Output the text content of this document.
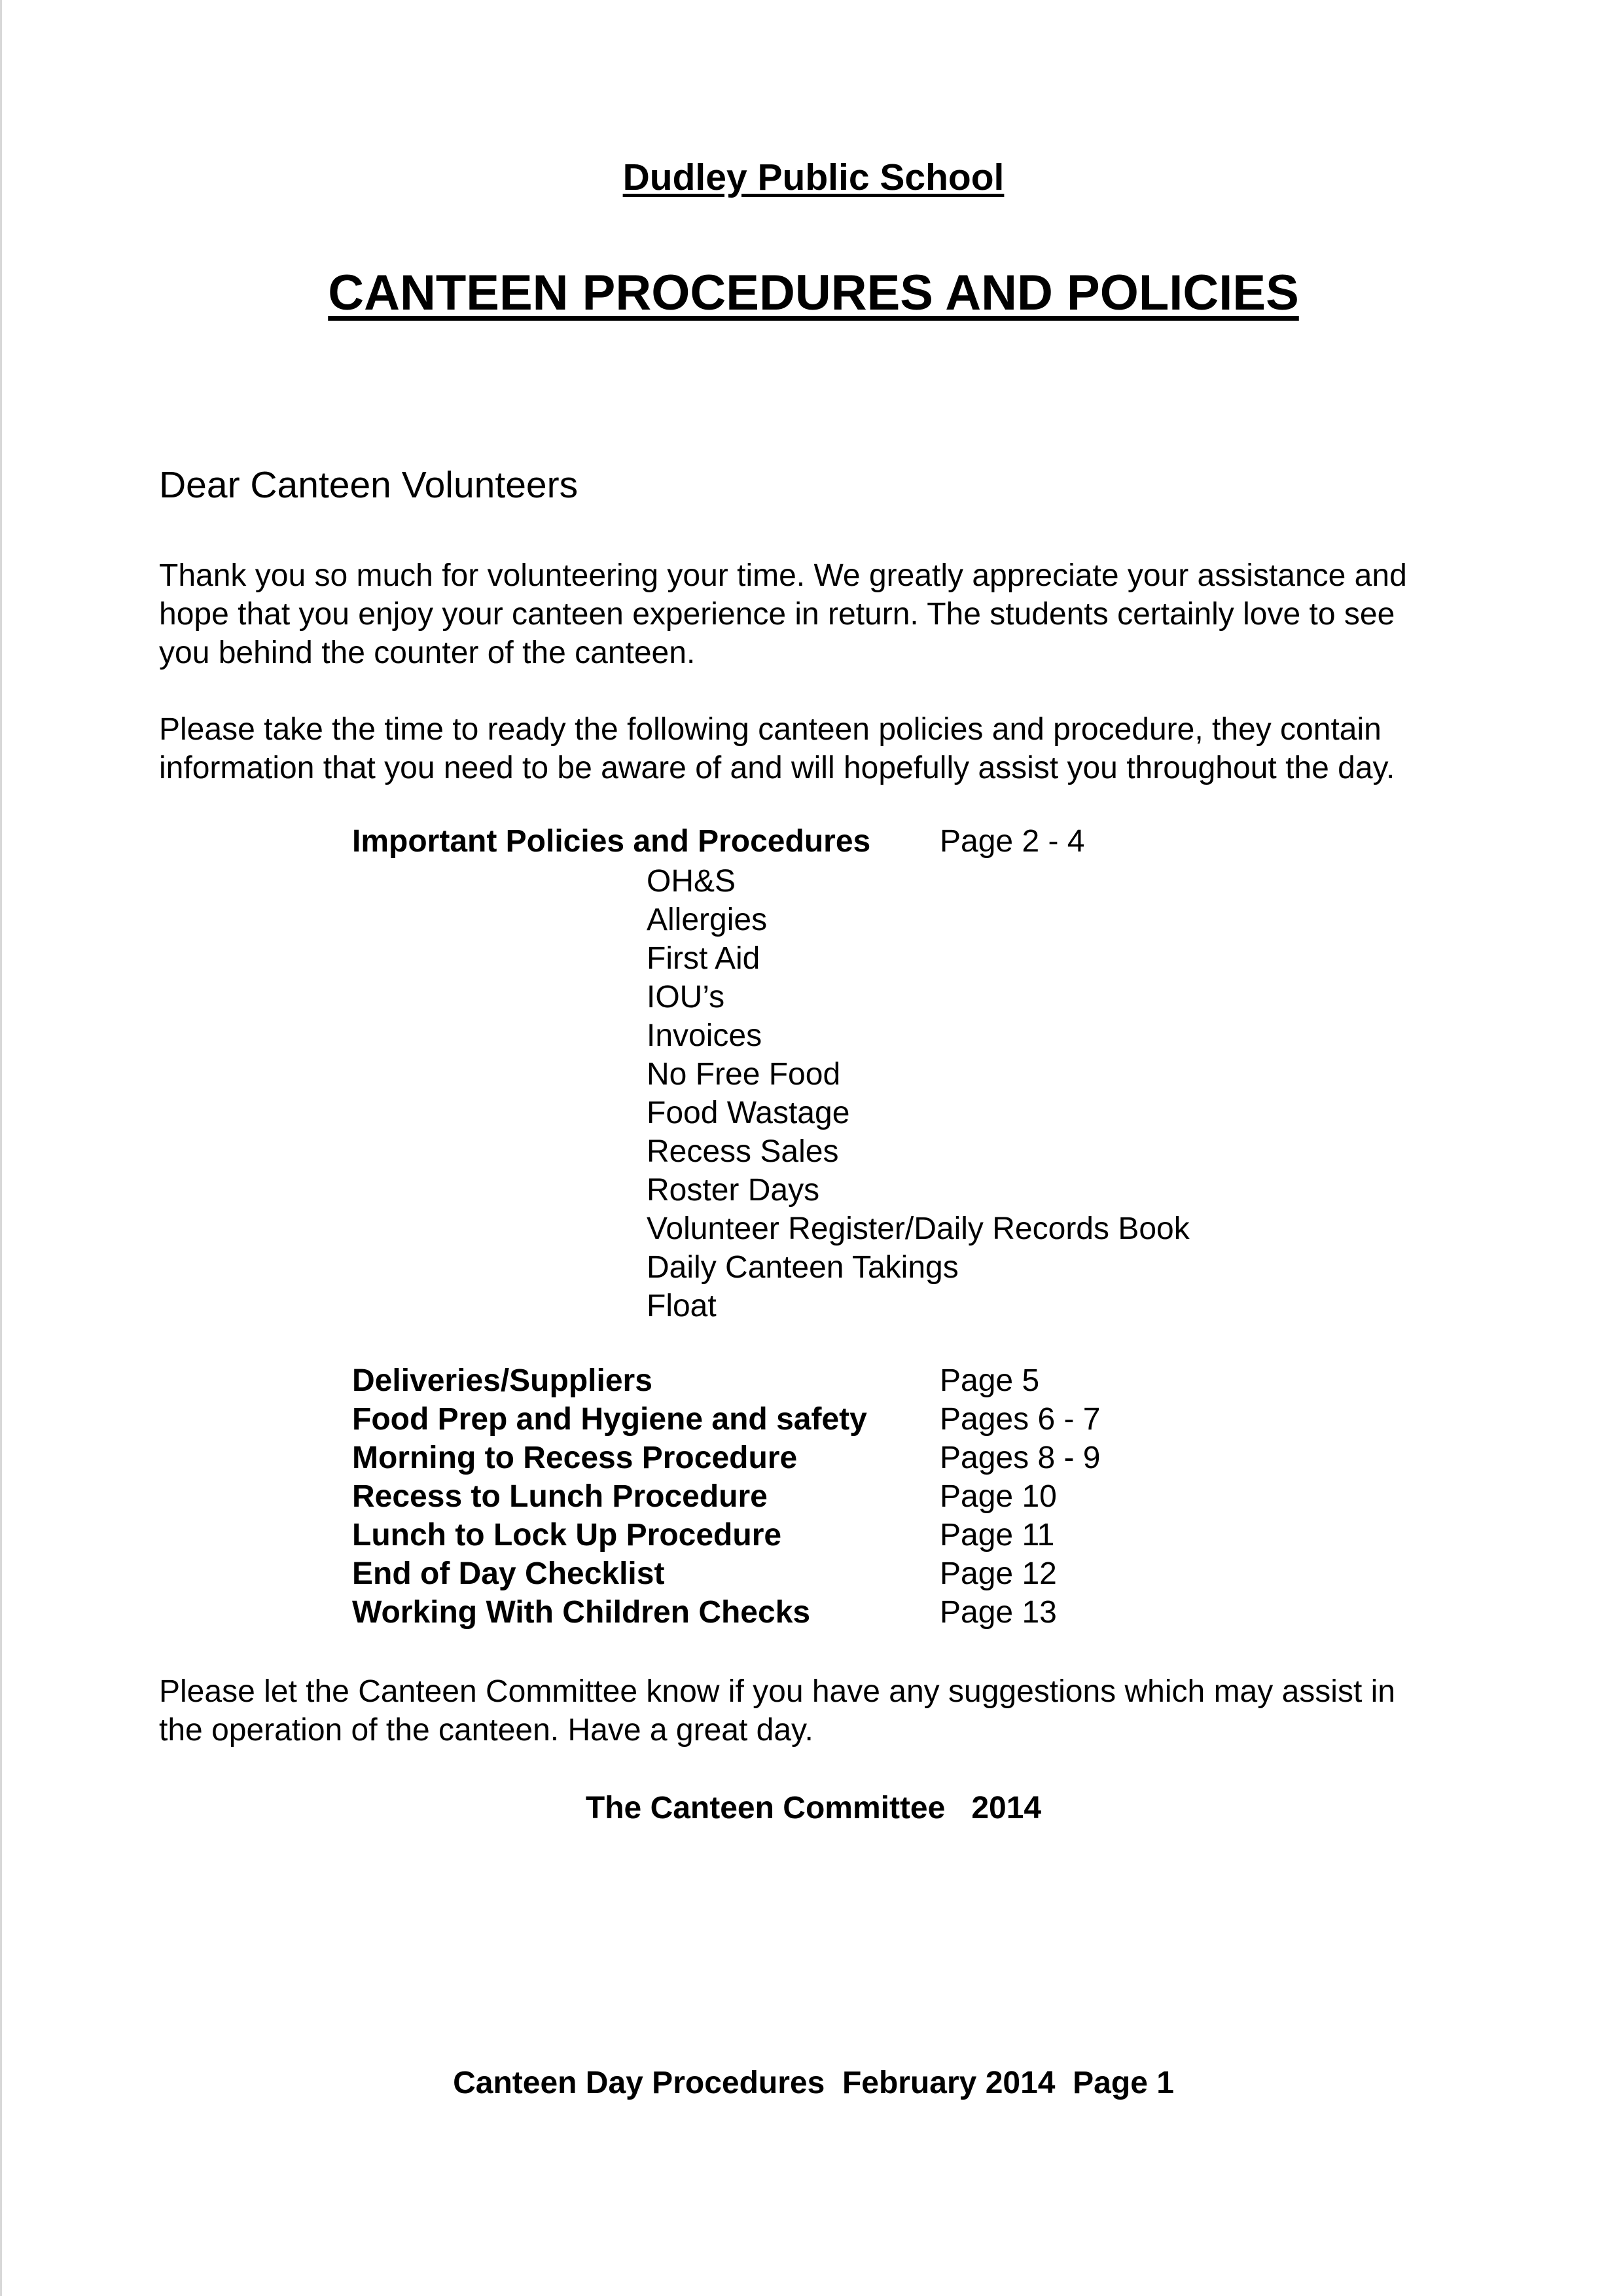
Dudley Public School
CANTEEN PROCEDURES AND POLICIES
Dear Canteen Volunteers

Thank you so much for volunteering your time. We greatly appreciate your assistance and
hope that you enjoy your canteen experience in return. The students certainly love to see
you behind the counter of the canteen.

Please take the time to ready the following canteen policies and procedure, they contain
information that you need to be aware of and will hopefully assist you throughout the day.

Important Policies and Procedures Page 2 - 4
OH&S
Allergies
First Aid
IOU’s
Invoices
No Free Food
Food Wastage
Recess Sales
Roster Days
Volunteer Register/Daily Records Book
Daily Canteen Takings
Float
Deliveries/Suppliers	Page 5
Food Prep and Hygiene and safety Pages 6 - 7
Morning to Recess Procedure	Pages 8 - 9
Recess to Lunch Procedure	Page 10
Lunch to Lock Up Procedure	Page 11
End of Day Checklist	Page 12
Working With Children Checks	Page 13

Please let the Canteen Committee know if you have any suggestions which may assist in
the operation of the canteen. Have a great day.

The Canteen Committee   2014
Canteen Day Procedures  February 2014  Page 1
